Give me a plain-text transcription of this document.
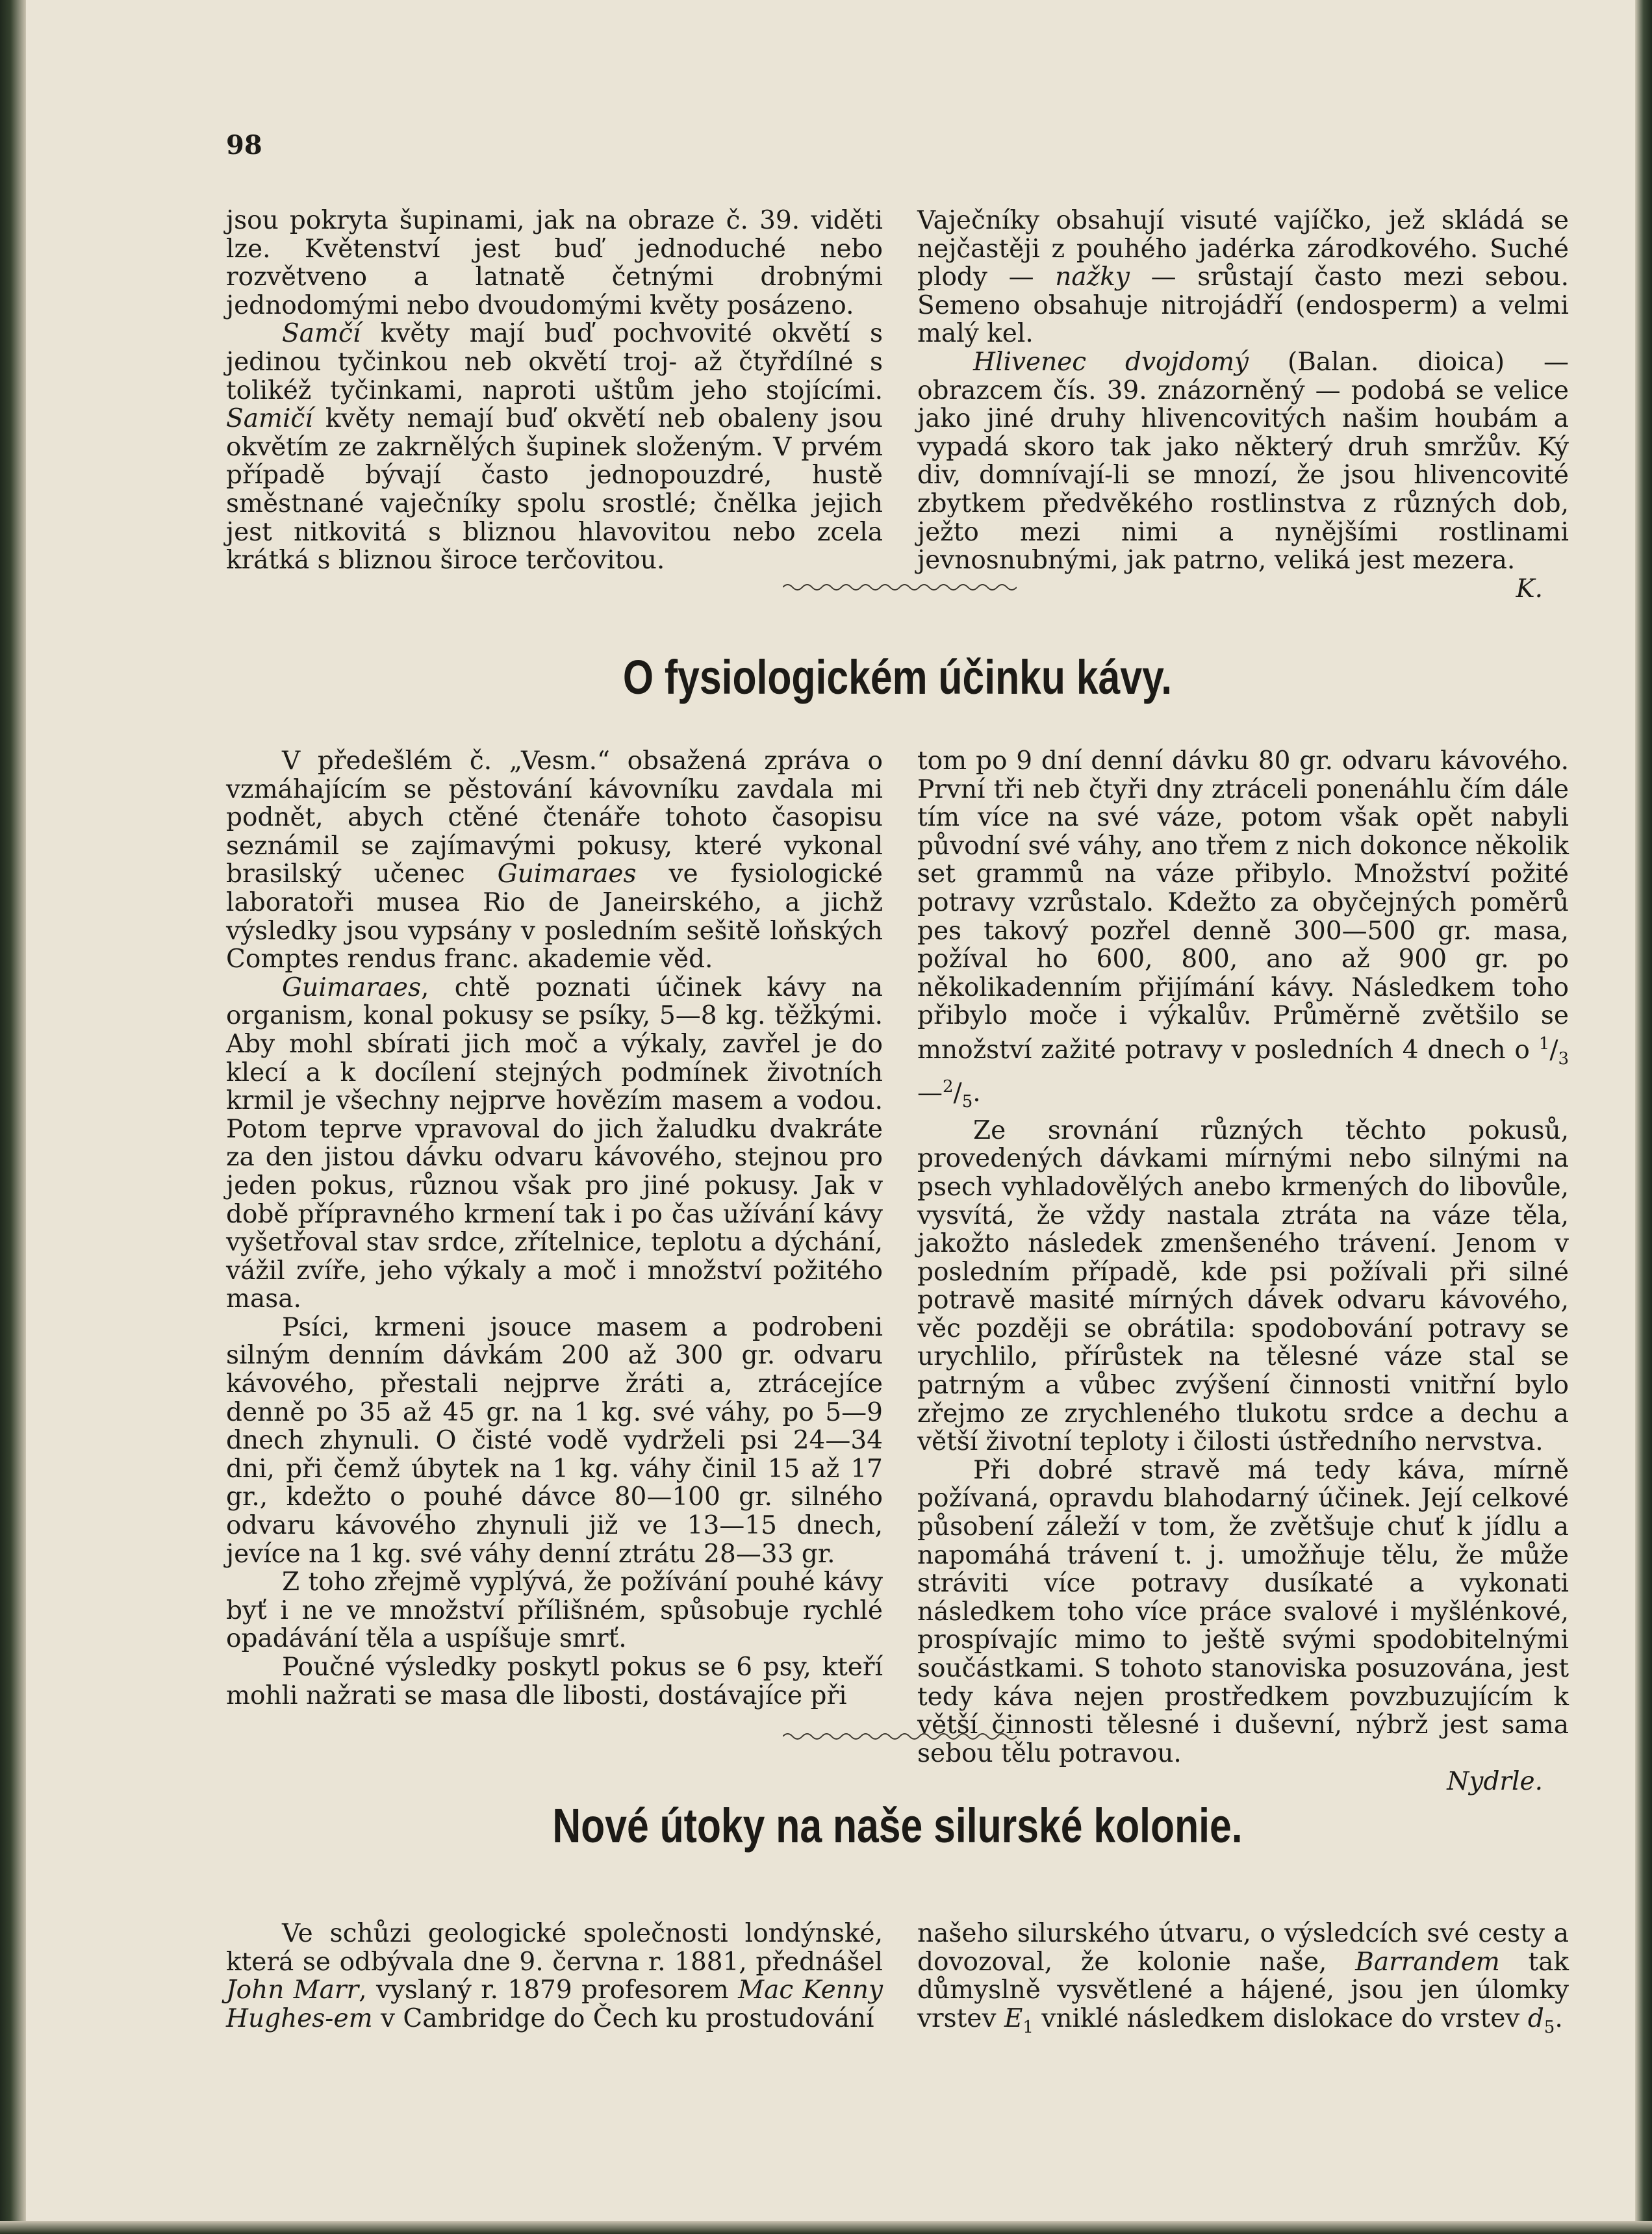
98

jsou pokryta šupinami, jak na obraze č. 39. viděti lze. Květenství jest buď jednoduché nebo rozvětveno a latnatě četnými drobnými jednodomými nebo dvoudomými květy posázeno.

Samčí květy mají buď pochvovité okvětí s jedinou tyčinkou neb okvětí troj- až čtyřdílné s tolikéž tyčinkami, naproti uštům jeho stojícími. Samičí květy nemají buď okvětí neb obaleny jsou okvětím ze zakrnělých šupinek složeným. V prvém případě bývají často jednopouzdré, hustě směstnané vaječníky spolu srostlé; čnělka jejich jest nitkovitá s bliznou hlavovitou nebo zcela krátká s bliznou široce terčovitou.

Vaječníky obsahují visuté vajíčko, jež skládá se nejčastěji z pouhého jadérka zárodkového. Suché plody — nažky — srůstají často mezi sebou. Semeno obsahuje nitrojádří (endosperm) a velmi malý kel.

Hlivenec dvojdomý (Balan. dioica) — obrazcem čís. 39. znázorněný — podobá se velice jako jiné druhy hlivencovitých našim houbám a vypadá skoro tak jako některý druh smržův. Ký div, domnívají-li se mnozí, že jsou hlivencovité zbytkem předvěkého rostlinstva z různých dob, ježto mezi nimi a nynějšími rostlinami jevnosnubnými, jak patrno, veliká jest mezera.
K.

O fysiologickém účinku kávy.

V předešlém č. „Vesm.“ obsažená zpráva o vzmáhajícím se pěstování kávovníku zavdala mi podnět, abych ctěné čtenáře tohoto časopisu seznámil se zajímavými pokusy, které vykonal brasilský učenec Guimaraes ve fysiologické laboratoři musea Rio de Janeirského, a jichž výsledky jsou vypsány v posledním sešitě loňských Comptes rendus franc. akademie věd.

Guimaraes, chtě poznati účinek kávy na organism, konal pokusy se psíky, 5—8 kg. těžkými. Aby mohl sbírati jich moč a výkaly, zavřel je do klecí a k docílení stejných podmínek životních krmil je všechny nejprve hovězím masem a vodou. Potom teprve vpravoval do jich žaludku dvakráte za den jistou dávku odvaru kávového, stejnou pro jeden pokus, různou však pro jiné pokusy. Jak v době přípravného krmení tak i po čas užívání kávy vyšetřoval stav srdce, zřítelnice, teplotu a dýchání, vážil zvíře, jeho výkaly a moč i množství požitého masa.

Psíci, krmeni jsouce masem a podrobeni silným denním dávkám 200 až 300 gr. odvaru kávového, přestali nejprve žráti a, ztrácejíce denně po 35 až 45 gr. na 1 kg. své váhy, po 5—9 dnech zhynuli. O čisté vodě vydrželi psi 24—34 dni, při čemž úbytek na 1 kg. váhy činil 15 až 17 gr., kdežto o pouhé dávce 80—100 gr. silného odvaru kávového zhynuli již ve 13—15 dnech, jevíce na 1 kg. své váhy denní ztrátu 28—33 gr.

Z toho zřejmě vyplývá, že požívání pouhé kávy byť i ne ve množství přílišném, spůsobuje rychlé opadávání těla a uspíšuje smrť.

Poučné výsledky poskytl pokus se 6 psy, kteří mohli nažrati se masa dle libosti, dostávajíce při

tom po 9 dní denní dávku 80 gr. odvaru kávového. První tři neb čtyři dny ztráceli ponenáhlu čím dále tím více na své váze, potom však opět nabyli původní své váhy, ano třem z nich dokonce několik set grammů na váze přibylo. Množství požité potravy vzrůstalo. Kdežto za obyčejných poměrů pes takový pozřel denně 300—500 gr. masa, požíval ho 600, 800, ano až 900 gr. po několikadenním přijímání kávy. Následkem toho přibylo moče i výkalův. Průměrně zvětšilo se množství zažité potravy v posledních 4 dnech o $^1/_3—^2/_5$.

Ze srovnání různých těchto pokusů, provedených dávkami mírnými nebo silnými na psech vyhladovělých anebo krmených do libovůle, vysvítá, že vždy nastala ztráta na váze těla, jakožto následek zmenšeného trávení. Jenom v posledním případě, kde psi požívali při silné potravě masité mírných dávek odvaru kávového, věc později se obrátila: spodobování potravy se urychlilo, přírůstek na tělesné váze stal se patrným a vůbec zvýšení činnosti vnitřní bylo zřejmo ze zrychleného tlukotu srdce a dechu a větší životní teploty i čilosti ústředního nervstva.

Při dobré stravě má tedy káva, mírně požívaná, opravdu blahodarný účinek. Její celkové působení záleží v tom, že zvětšuje chuť k jídlu a napomáhá trávení t. j. umožňuje tělu, že může stráviti více potravy dusíkaté a vykonati následkem toho více práce svalové i myšlénkové, prospívajíc mimo to ještě svými spodobitelnými součástkami. S tohoto stanoviska posuzována, jest tedy káva nejen prostředkem povzbuzujícím k větší činnosti tělesné i duševní, nýbrž jest sama sebou tělu potravou.

Nydrle.
Nové útoky na naše silurské kolonie.

Ve schůzi geologické společnosti londýnské, která se odbývala dne 9. června r. 1881, přednášel John Marr, vyslaný r. 1879 profesorem Mac Kenny Hughes-em v Cambridge do Čech ku prostudování

našeho silurského útvaru, o výsledcích své cesty a dovozoval, že kolonie naše, Barrandem tak důmyslně vysvětlené a hájené, jsou jen úlomky vrstev $E_1$ vniklé následkem dislokace do vrstev $d_5$.
